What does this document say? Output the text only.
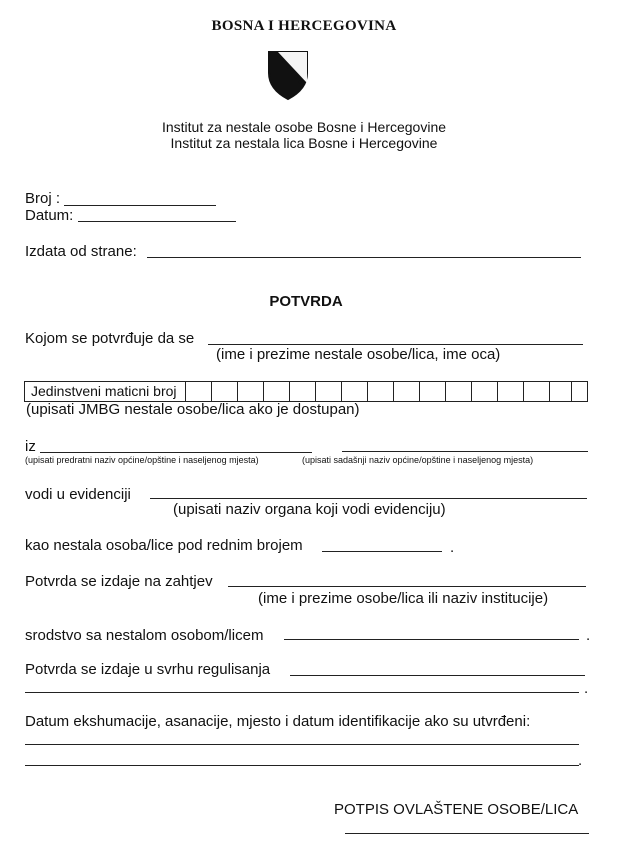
BOSNA I HERCEGOVINA
Institut za nestale osobe Bosne i Hercegovine
Institut za nestala lica Bosne i Hercegovine
Broj :
Datum:
Izdata od strane:
POTVRDA
Kojom se potvrđuje da se
(ime i prezime nestale osobe/lica, ime oca)
Jedinstveni maticni broj
(upisati JMBG nestale osobe/lica ako je dostupan)
iz
(upisati predratni naziv općine/opštine i naseljenog mjesta)	(upisati sadašnji naziv općine/opštine i naseljenog mjesta)
vodi u evidenciji
(upisati naziv organa koji vodi evidenciju)
kao nestala osoba/lice pod rednim brojem	.
Potvrda se izdaje na zahtjev
(ime i prezime osobe/lica ili naziv institucije)
srodstvo sa nestalom osobom/licem	.
Potvrda se izdaje u svrhu regulisanja
.
Datum ekshumacije, asanacije, mjesto i datum identifikacije ako su utvrđeni:
.
POTPIS OVLAŠTENE OSOBE/LICA
